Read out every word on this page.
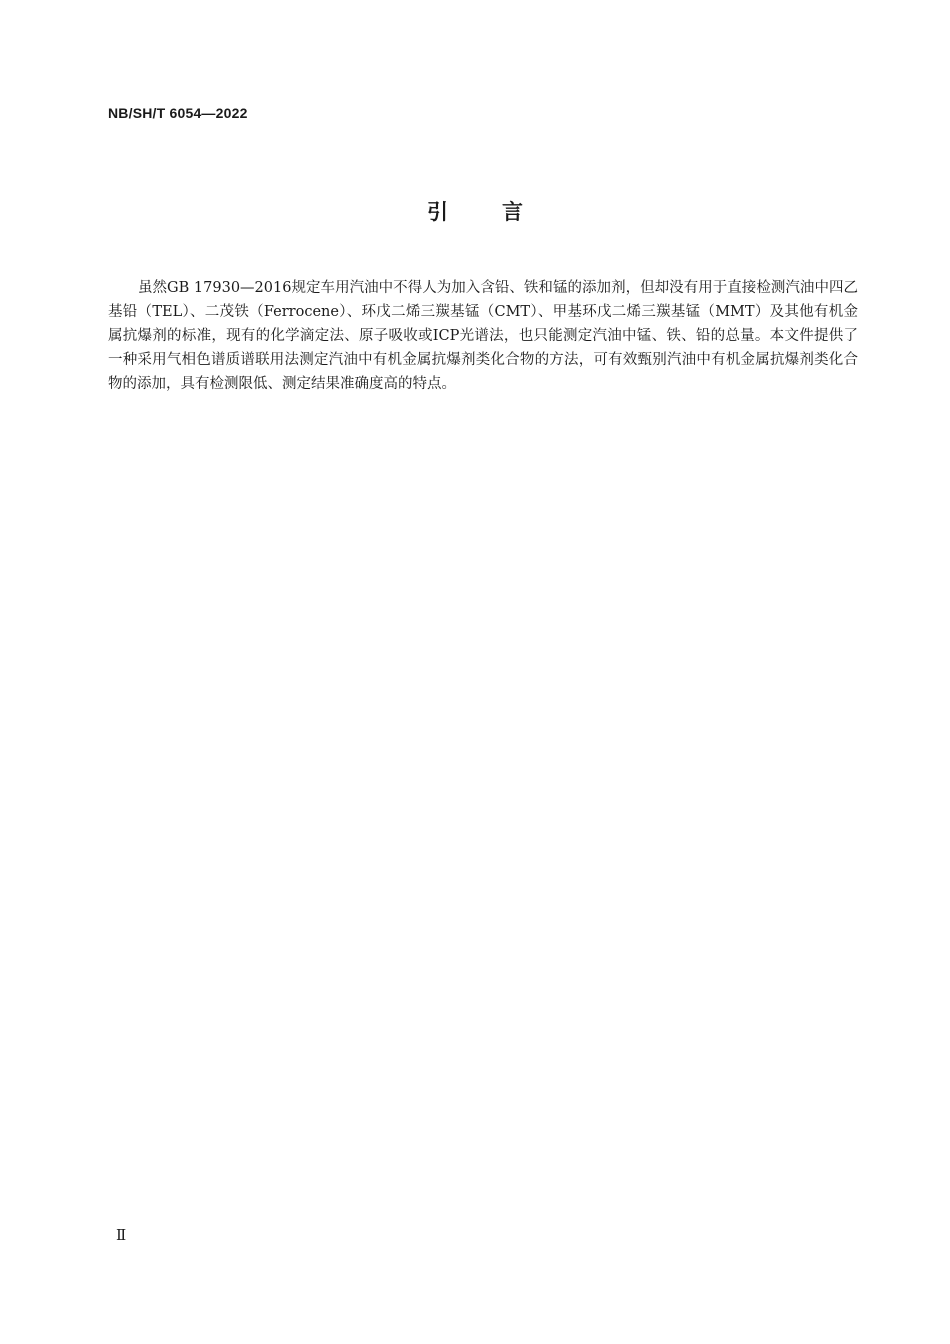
NB/SH/T 6054—2022
引言

虽然GB 17930—2016规定车用汽油中不得人为加入含铅、铁和锰的添加剂，但却没有用于直接检测汽油中四乙基铅（TEL）、二茂铁（Ferrocene）、环戊二烯三羰基锰（CMT）、甲基环戊二烯三羰基锰（MMT）及其他有机金属抗爆剂的标准，现有的化学滴定法、原子吸收或ICP光谱法，也只能测定汽油中锰、铁、铅的总量。本文件提供了一种采用气相色谱质谱联用法测定汽油中有机金属抗爆剂类化合物的方法，可有效甄别汽油中有机金属抗爆剂类化合物的添加，具有检测限低、测定结果准确度高的特点。

Ⅱ
